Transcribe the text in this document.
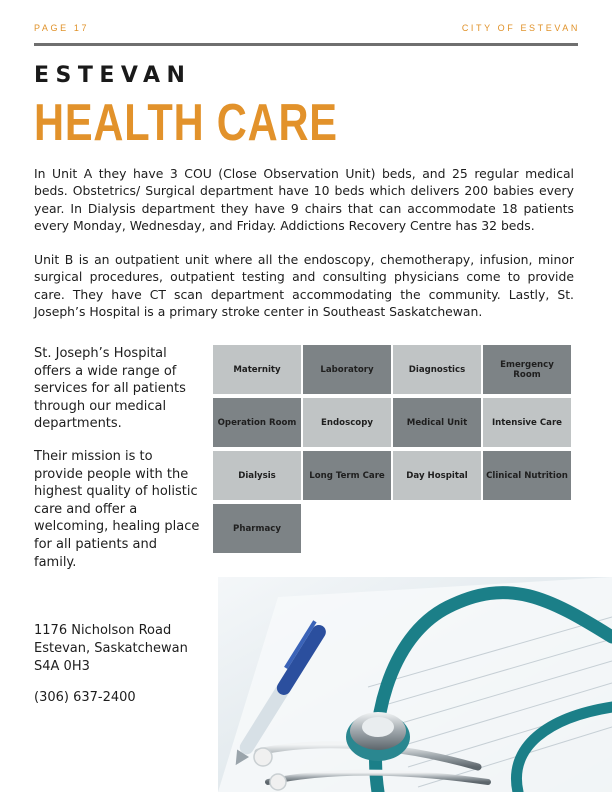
PAGE 17	CITY OF ESTEVAN
ESTEVAN
HEALTH CARE

In Unit A they have 3 COU (Close Observation Unit) beds, and 25 regular medical beds. Obstetrics/ Surgical department have 10 beds which delivers 200 babies every year. In Dialysis department they have 9 chairs that can accommodate 18 patients every Monday, Wednesday, and Friday. Addictions Recovery Centre has 32 beds.

Unit B is an outpatient unit where all the endoscopy, chemotherapy, infusion, minor surgical procedures, outpatient testing and consulting physicians come to provide care. They have CT scan department accommodating the community. Lastly, St. Joseph’s Hospital is a primary stroke center in Southeast Saskatchewan.

St. Joseph’s Hospital offers a wide range of services for all patients through our medical departments.

Their mission is to provide people with the highest quality of holistic care and offer a welcoming, healing place for all patients and family.

Maternity	Laboratory	Diagnostics	Emergency Room
Operation Room	Endoscopy	Medical Unit	Intensive Care
Dialysis	Long Term Care	Day Hospital	Clinical Nutrition
Pharmacy
1176 Nicholson Road
Estevan, Saskatchewan
S4A 0H3
(306) 637-2400
